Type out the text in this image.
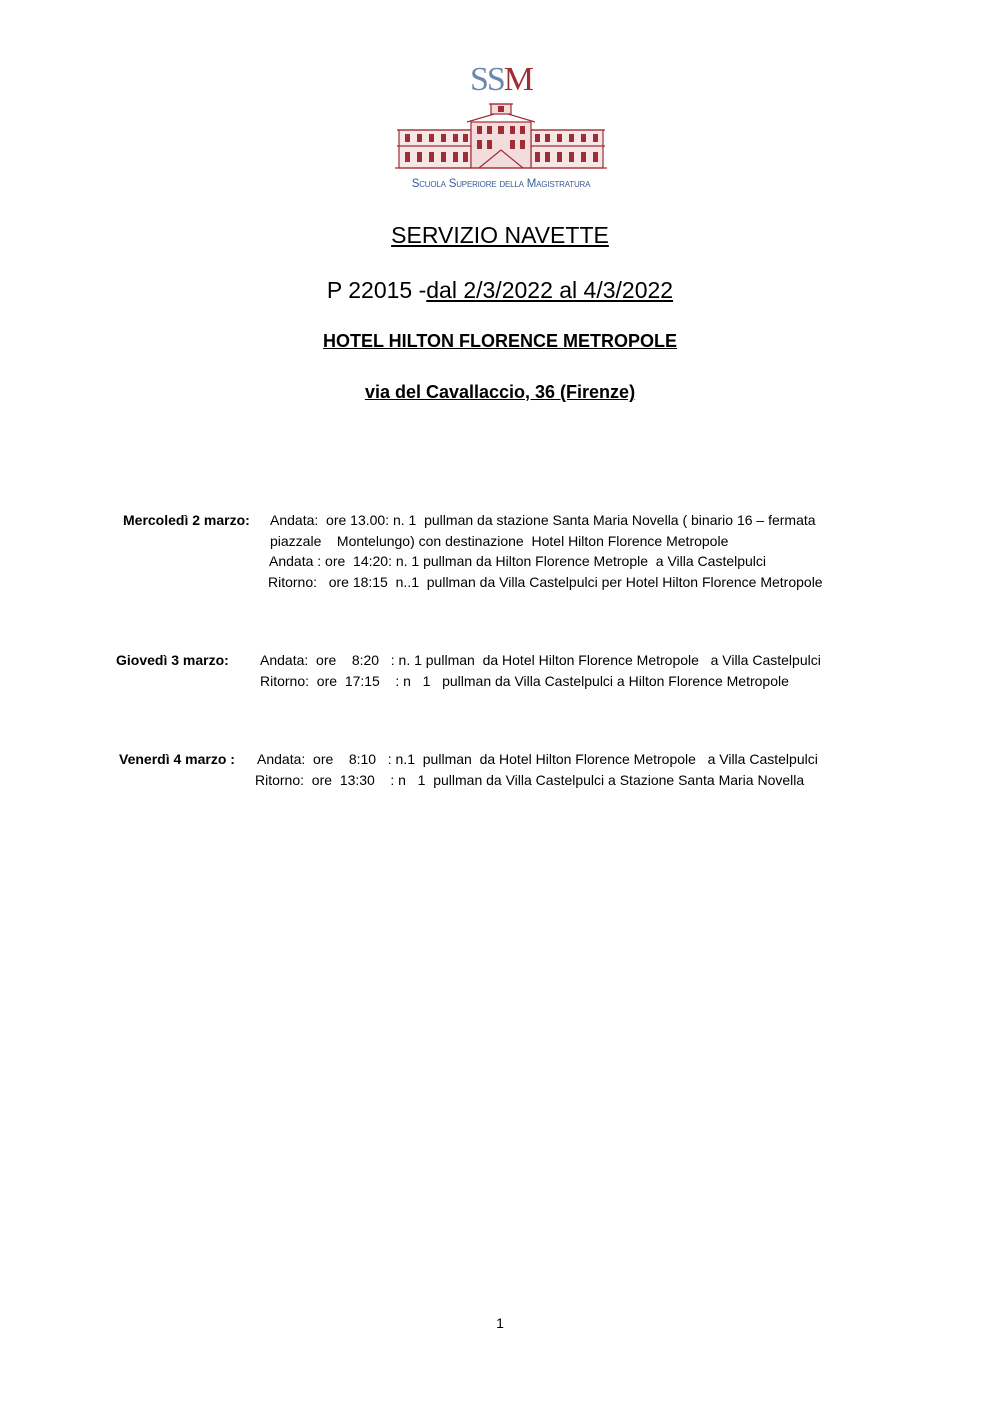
SSM
Scuola Superiore della Magistratura
SERVIZIO NAVETTE
P 22015 -dal 2/3/2022 al 4/3/2022
HOTEL HILTON FLORENCE METROPOLE
via del Cavallaccio, 36 (Firenze)
Mercoledì 2 marzo: Andata:  ore 13.00: n. 1  pullman da stazione Santa Maria Novella ( binario 16 – fermata
piazzale    Montelungo) con destinazione  Hotel Hilton Florence Metropole
Andata : ore  14:20: n. 1 pullman da Hilton Florence Metrople  a Villa Castelpulci
Ritorno:   ore 18:15  n..1  pullman da Villa Castelpulci per Hotel Hilton Florence Metropole
Giovedì 3 marzo: Andata:  ore    8:20   : n. 1 pullman  da Hotel Hilton Florence Metropole   a Villa Castelpulci
Ritorno:  ore  17:15    : n   1   pullman da Villa Castelpulci a Hilton Florence Metropole
Venerdì 4 marzo : Andata:  ore    8:10   : n.1  pullman  da Hotel Hilton Florence Metropole   a Villa Castelpulci
Ritorno:  ore  13:30    : n   1  pullman da Villa Castelpulci a Stazione Santa Maria Novella
1
